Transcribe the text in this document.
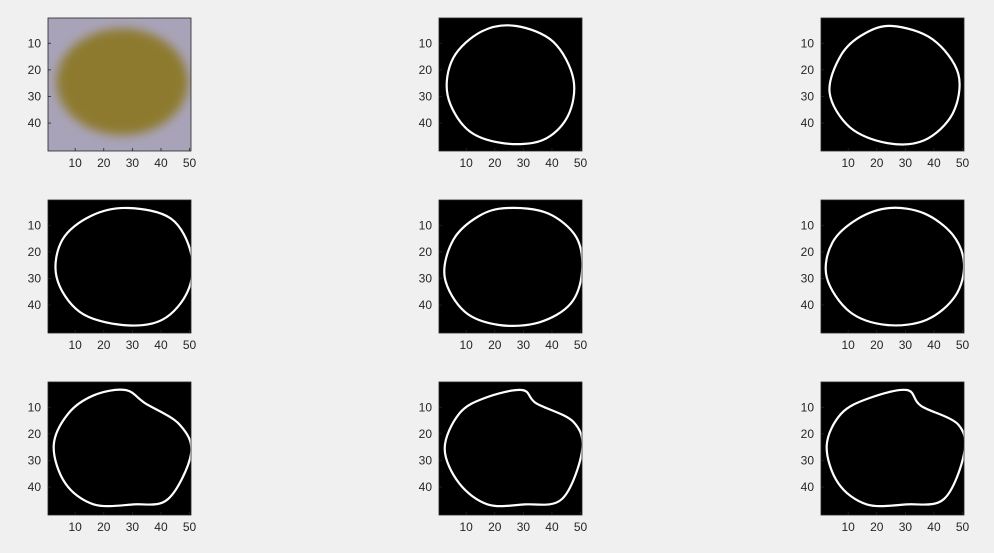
10 20 30 40 50
10
20
30
40
10 20 30 40 50
10
20
30
40
10 20 30 40 50
10
20
30
40
10 20 30 40 50
10
20
30
40
10 20 30 40 50
10
20
30
40
10 20 30 40 50
10
20
30
40
10 20 30 40 50
10
20
30
40
10 20 30 40 50
10
20
30
40
10 20 30 40 50
10
20
30
40
